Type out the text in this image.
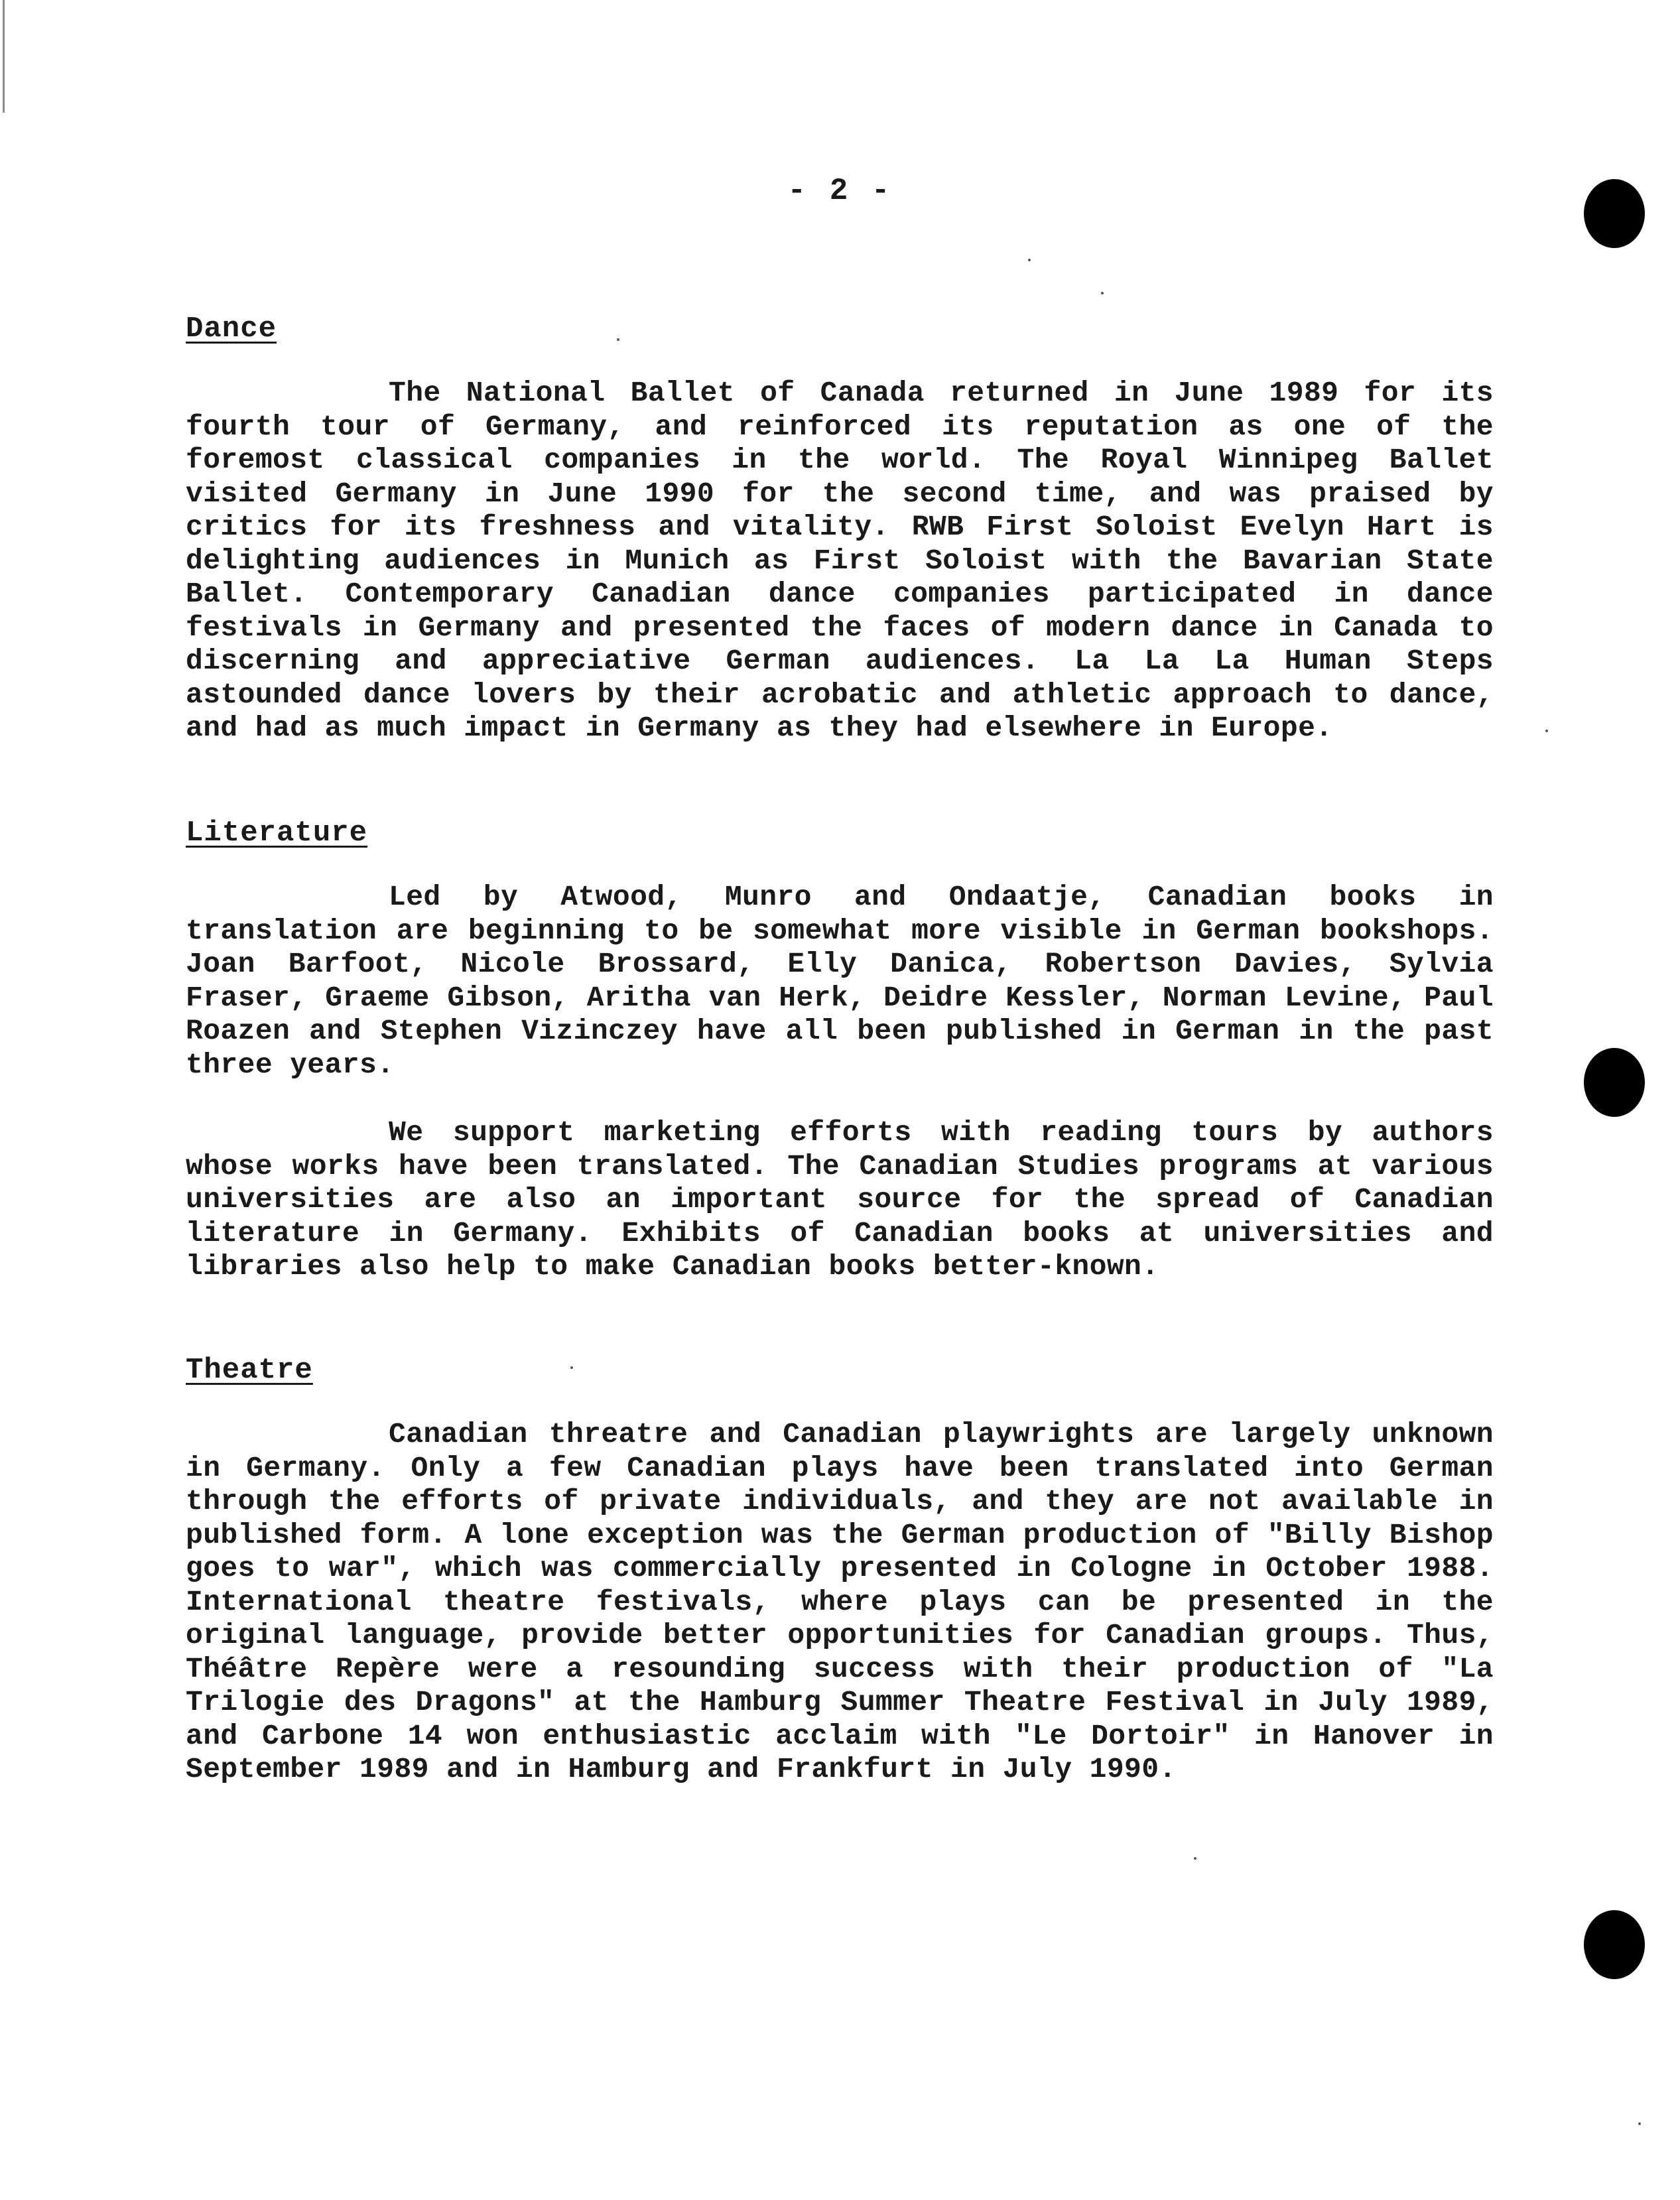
- 2 -
Dance

The National Ballet of Canada returned in June 1989 for its fourth tour of Germany, and reinforced its reputation as one of the foremost classical companies in the world. The Royal Winnipeg Ballet visited Germany in June 1990 for the second time, and was praised by critics for its freshness and vitality. RWB First Soloist Evelyn Hart is delighting audiences in Munich as First Soloist with the Bavarian State Ballet. Contemporary Canadian dance companies participated in dance festivals in Germany and presented the faces of modern dance in Canada to discerning and appreciative German audiences. La La La Human Steps astounded dance lovers by their acrobatic and athletic approach to dance, and had as much impact in Germany as they had elsewhere in Europe.

Literature

Led by Atwood, Munro and Ondaatje, Canadian books in translation are beginning to be somewhat more visible in German bookshops. Joan Barfoot, Nicole Brossard, Elly Danica, Robertson Davies, Sylvia Fraser, Graeme Gibson, Aritha van Herk, Deidre Kessler, Norman Levine, Paul Roazen and Stephen Vizinczey have all been published in German in the past three years.

We support marketing efforts with reading tours by authors whose works have been translated. The Canadian Studies programs at various universities are also an important source for the spread of Canadian literature in Germany. Exhibits of Canadian books at universities and libraries also help to make Canadian books better-known.

Theatre

Canadian threatre and Canadian playwrights are largely unknown in Germany. Only a few Canadian plays have been translated into German through the efforts of private individuals, and they are not available in published form. A lone exception was the German production of "Billy Bishop goes to war", which was commercially presented in Cologne in October 1988. International theatre festivals, where plays can be presented in the original language, provide better opportunities for Canadian groups. Thus, Théâtre Repère were a resounding success with their production of "La Trilogie des Dragons" at the Hamburg Summer Theatre Festival in July 1989, and Carbone 14 won enthusiastic acclaim with "Le Dortoir" in Hanover in September 1989 and in Hamburg and Frankfurt in July 1990.
